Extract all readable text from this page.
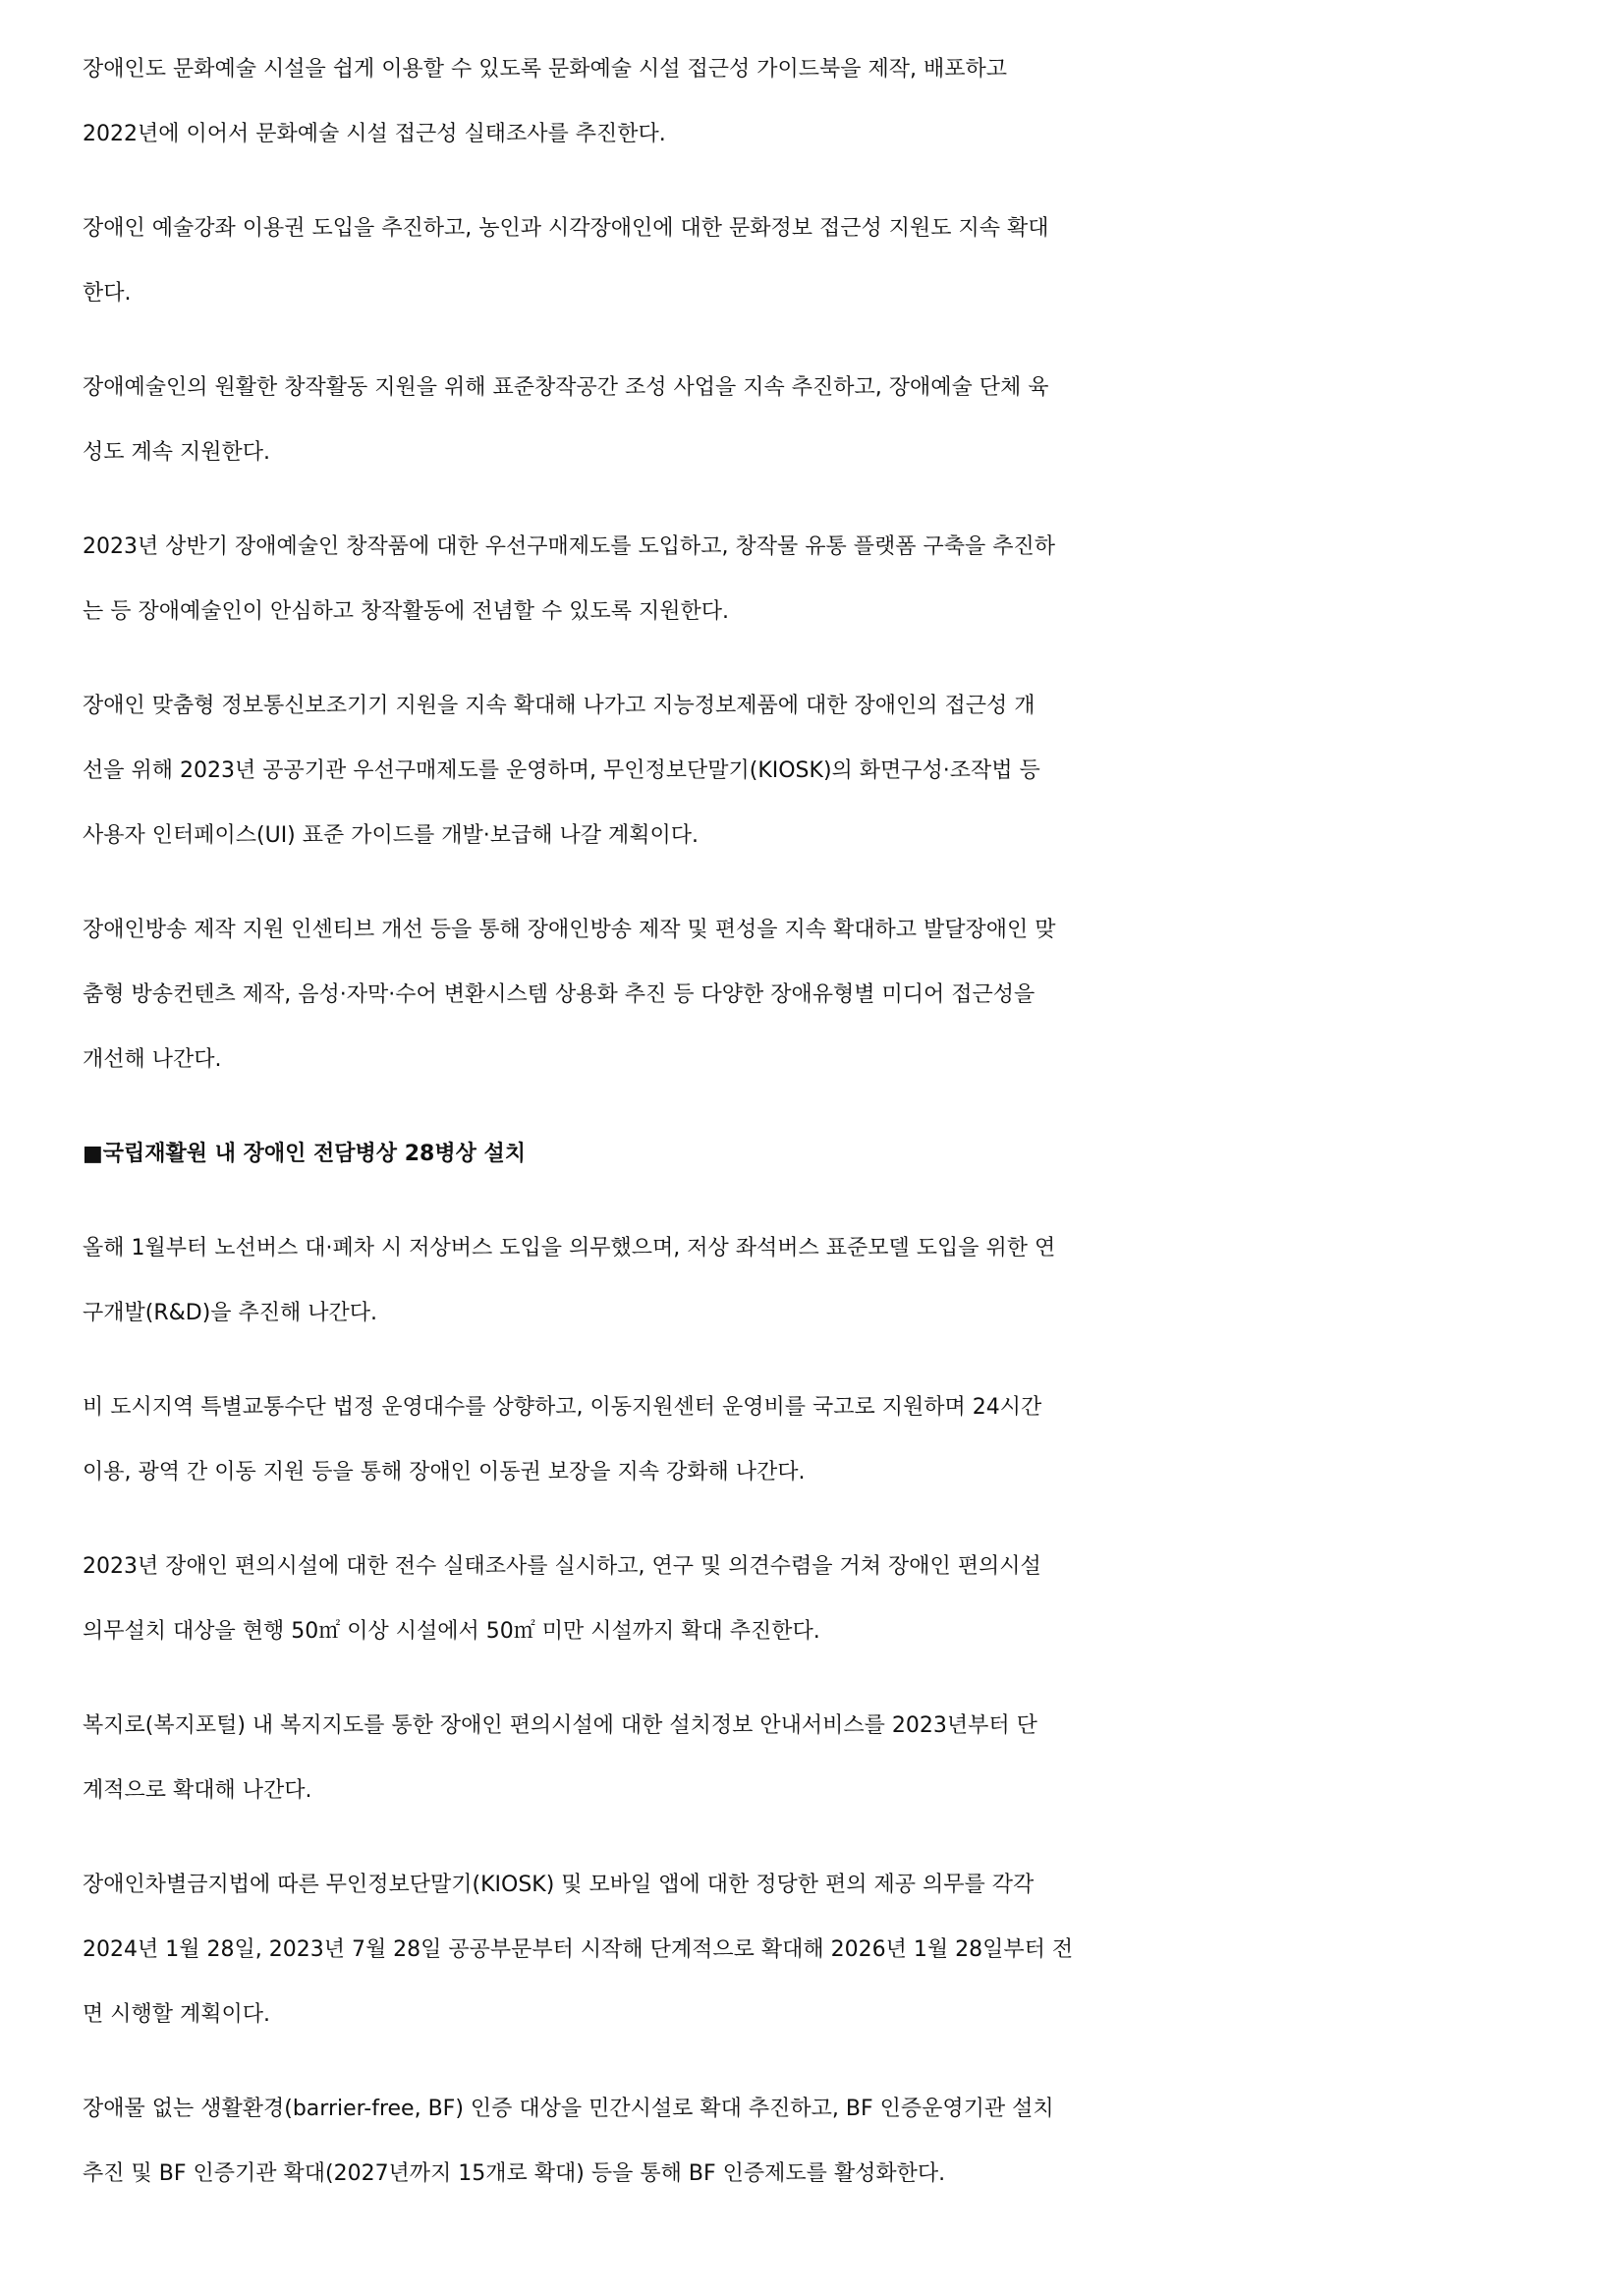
장애인도 문화예술 시설을 쉽게 이용할 수 있도록 문화예술 시설 접근성 가이드북을 제작, 배포하고
2022년에 이어서 문화예술 시설 접근성 실태조사를 추진한다.
장애인 예술강좌 이용권 도입을 추진하고, 농인과 시각장애인에 대한 문화정보 접근성 지원도 지속 확대
한다.
장애예술인의 원활한 창작활동 지원을 위해 표준창작공간 조성 사업을 지속 추진하고, 장애예술 단체 육
성도 계속 지원한다.
2023년 상반기 장애예술인 창작품에 대한 우선구매제도를 도입하고, 창작물 유통 플랫폼 구축을 추진하
는 등 장애예술인이 안심하고 창작활동에 전념할 수 있도록 지원한다.
장애인 맞춤형 정보통신보조기기 지원을 지속 확대해 나가고 지능정보제품에 대한 장애인의 접근성 개
선을 위해 2023년 공공기관 우선구매제도를 운영하며, 무인정보단말기(KIOSK)의 화면구성·조작법 등
사용자 인터페이스(UI) 표준 가이드를 개발·보급해 나갈 계획이다.
장애인방송 제작 지원 인센티브 개선 등을 통해 장애인방송 제작 및 편성을 지속 확대하고 발달장애인 맞
춤형 방송컨텐츠 제작, 음성·자막·수어 변환시스템 상용화 추진 등 다양한 장애유형별 미디어 접근성을
개선해 나간다.
■국립재활원 내 장애인 전담병상 28병상 설치
올해 1월부터 노선버스 대·폐차 시 저상버스 도입을 의무했으며, 저상 좌석버스 표준모델 도입을 위한 연
구개발(R&D)을 추진해 나간다.
비 도시지역 특별교통수단 법정 운영대수를 상향하고, 이동지원센터 운영비를 국고로 지원하며 24시간
이용, 광역 간 이동 지원 등을 통해 장애인 이동권 보장을 지속 강화해 나간다.
2023년 장애인 편의시설에 대한 전수 실태조사를 실시하고, 연구 및 의견수렴을 거쳐 장애인 편의시설
의무설치 대상을 현행 50㎡ 이상 시설에서 50㎡ 미만 시설까지 확대 추진한다.
복지로(복지포털) 내 복지지도를 통한 장애인 편의시설에 대한 설치정보 안내서비스를 2023년부터 단
계적으로 확대해 나간다.
장애인차별금지법에 따른 무인정보단말기(KIOSK) 및 모바일 앱에 대한 정당한 편의 제공 의무를 각각
2024년 1월 28일, 2023년 7월 28일 공공부문부터 시작해 단계적으로 확대해 2026년 1월 28일부터 전
면 시행할 계획이다.
장애물 없는 생활환경(barrier-free, BF) 인증 대상을 민간시설로 확대 추진하고, BF 인증운영기관 설치
추진 및 BF 인증기관 확대(2027년까지 15개로 확대) 등을 통해 BF 인증제도를 활성화한다.
